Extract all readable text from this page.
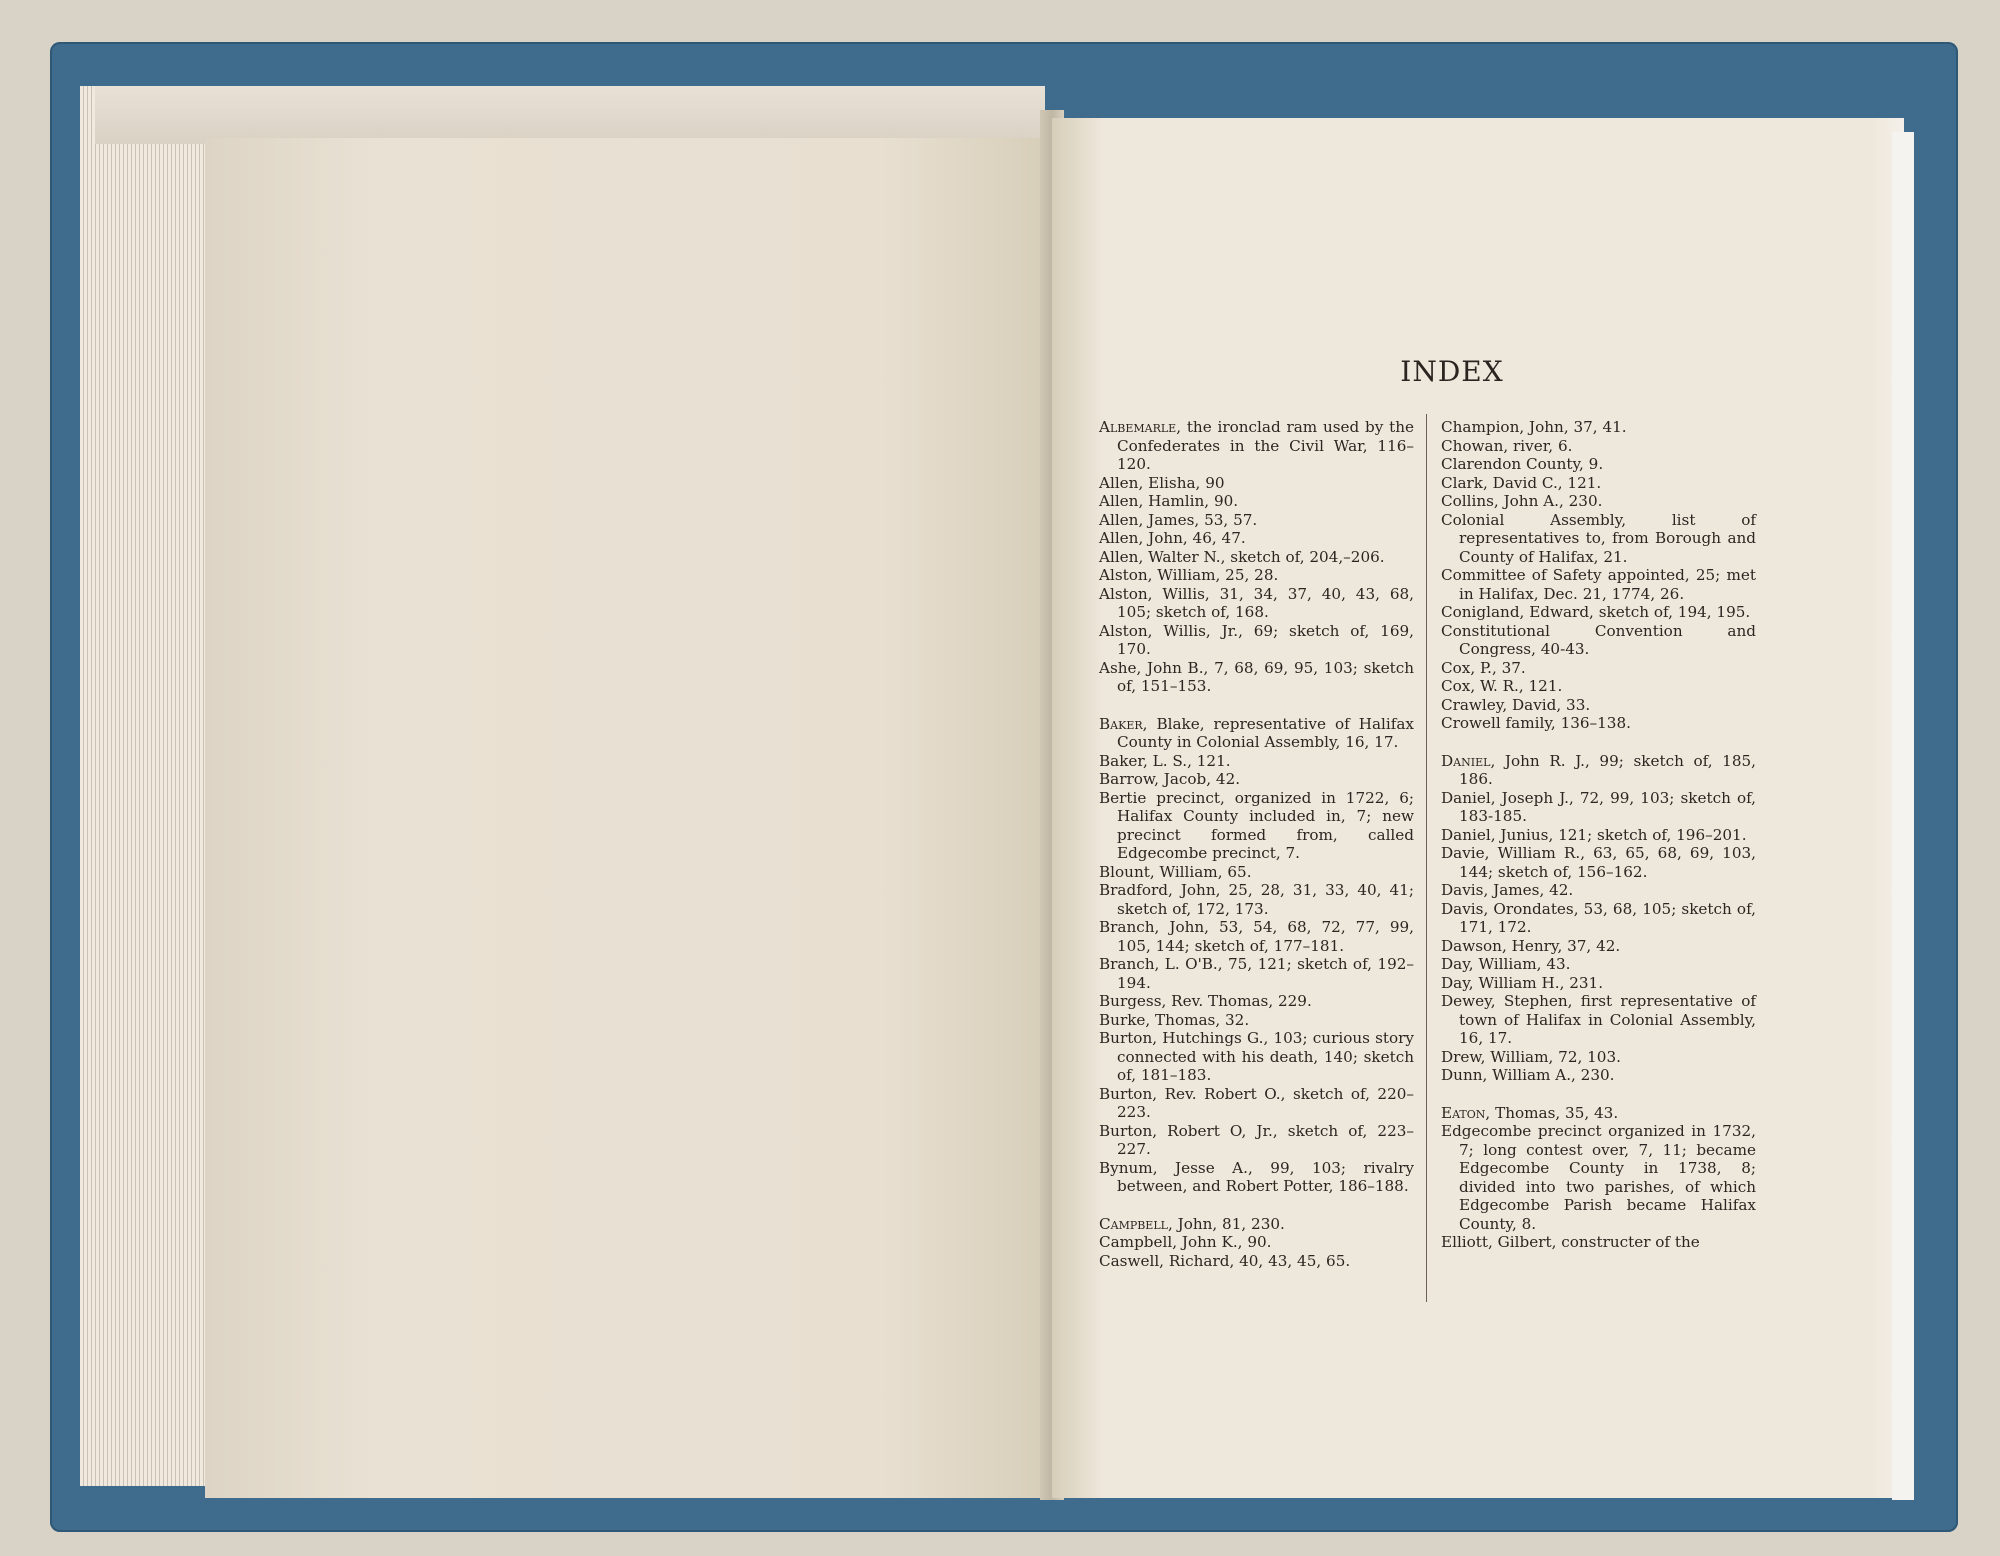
INDEX
Albemarle, the ironclad ram used by the Confederates in the Civil War, 116–120.
Allen, Elisha, 90
Allen, Hamlin, 90.
Allen, James, 53, 57.
Allen, John, 46, 47.
Allen, Walter N., sketch of, 204,–206.
Alston, William, 25, 28.
Alston, Willis, 31, 34, 37, 40, 43, 68, 105; sketch of, 168.
Alston, Willis, Jr., 69; sketch of, 169, 170.
Ashe, John B., 7, 68, 69, 95, 103; sketch of, 151–153.
Baker, Blake, representative of Halifax County in Colonial Assembly, 16, 17.
Baker, L. S., 121.
Barrow, Jacob, 42.
Bertie precinct, organized in 1722, 6; Halifax County included in, 7; new precinct formed from, called Edgecombe precinct, 7.
Blount, William, 65.
Bradford, John, 25, 28, 31, 33, 40, 41; sketch of, 172, 173.
Branch, John, 53, 54, 68, 72, 77, 99, 105, 144; sketch of, 177–181.
Branch, L. O'B., 75, 121; sketch of, 192–194.
Burgess, Rev. Thomas, 229.
Burke, Thomas, 32.
Burton, Hutchings G., 103; curious story connected with his death, 140; sketch of, 181–183.
Burton, Rev. Robert O., sketch of, 220–223.
Burton, Robert O, Jr., sketch of, 223–227.
Bynum, Jesse A., 99, 103; rivalry between, and Robert Potter, 186–188.
Campbell, John, 81, 230.
Campbell, John K., 90.
Caswell, Richard, 40, 43, 45, 65.
Champion, John, 37, 41.
Chowan, river, 6.
Clarendon County, 9.
Clark, David C., 121.
Collins, John A., 230.
Colonial Assembly, list of representatives to, from Borough and County of Halifax, 21.
Committee of Safety appointed, 25; met in Halifax, Dec. 21, 1774, 26.
Conigland, Edward, sketch of, 194, 195.
Constitutional Convention and Congress, 40-43.
Cox, P., 37.
Cox, W. R., 121.
Crawley, David, 33.
Crowell family, 136–138.
Daniel, John R. J., 99; sketch of, 185, 186.
Daniel, Joseph J., 72, 99, 103; sketch of, 183-185.
Daniel, Junius, 121; sketch of, 196–201.
Davie, William R., 63, 65, 68, 69, 103, 144; sketch of, 156–162.
Davis, James, 42.
Davis, Orondates, 53, 68, 105; sketch of, 171, 172.
Dawson, Henry, 37, 42.
Day, William, 43.
Day, William H., 231.
Dewey, Stephen, first representative of town of Halifax in Colonial Assembly, 16, 17.
Drew, William, 72, 103.
Dunn, William A., 230.
Eaton, Thomas, 35, 43.
Edgecombe precinct organized in 1732, 7; long contest over, 7, 11; became Edgecombe County in 1738, 8; divided into two parishes, of which Edgecombe Parish became Halifax County, 8.
Elliott, Gilbert, constructer of the
